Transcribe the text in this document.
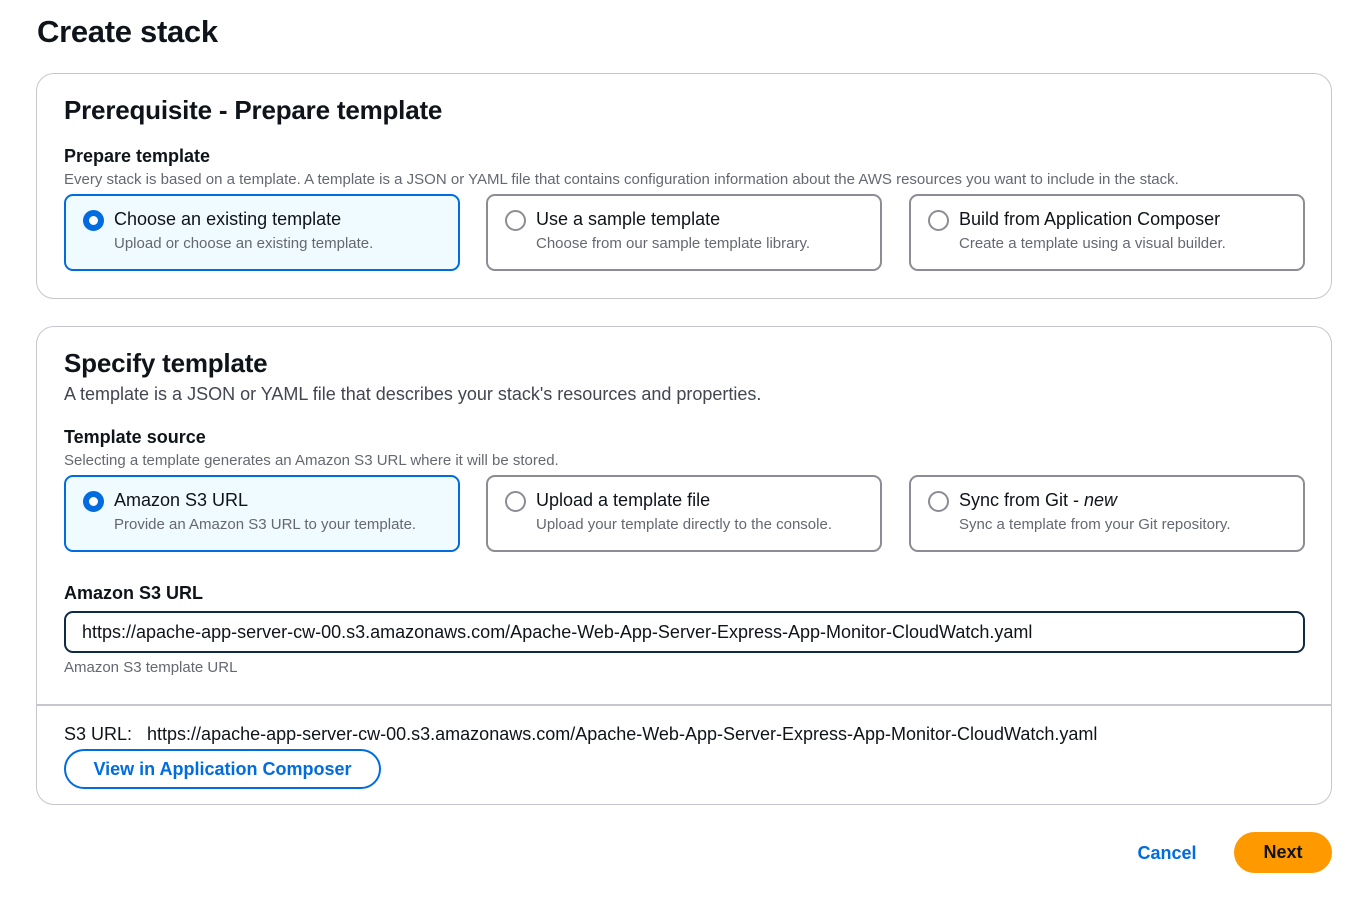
Create stack
Prerequisite - Prepare template
Prepare template
Every stack is based on a template. A template is a JSON or YAML file that contains configuration information about the AWS resources you want to include in the stack.
Choose an existing template
Upload or choose an existing template.
Use a sample template
Choose from our sample template library.
Build from Application Composer
Create a template using a visual builder.
Specify template
A template is a JSON or YAML file that describes your stack's resources and properties.
Template source
Selecting a template generates an Amazon S3 URL where it will be stored.
Amazon S3 URL
Provide an Amazon S3 URL to your template.
Upload a template file
Upload your template directly to the console.
Sync from Git - new
Sync a template from your Git repository.
Amazon S3 URL
https://apache-app-server-cw-00.s3.amazonaws.com/Apache-Web-App-Server-Express-App-Monitor-CloudWatch.yaml
Amazon S3 template URL
S3 URL: https://apache-app-server-cw-00.s3.amazonaws.com/Apache-Web-App-Server-Express-App-Monitor-CloudWatch.yaml
View in Application Composer
Cancel	Next
